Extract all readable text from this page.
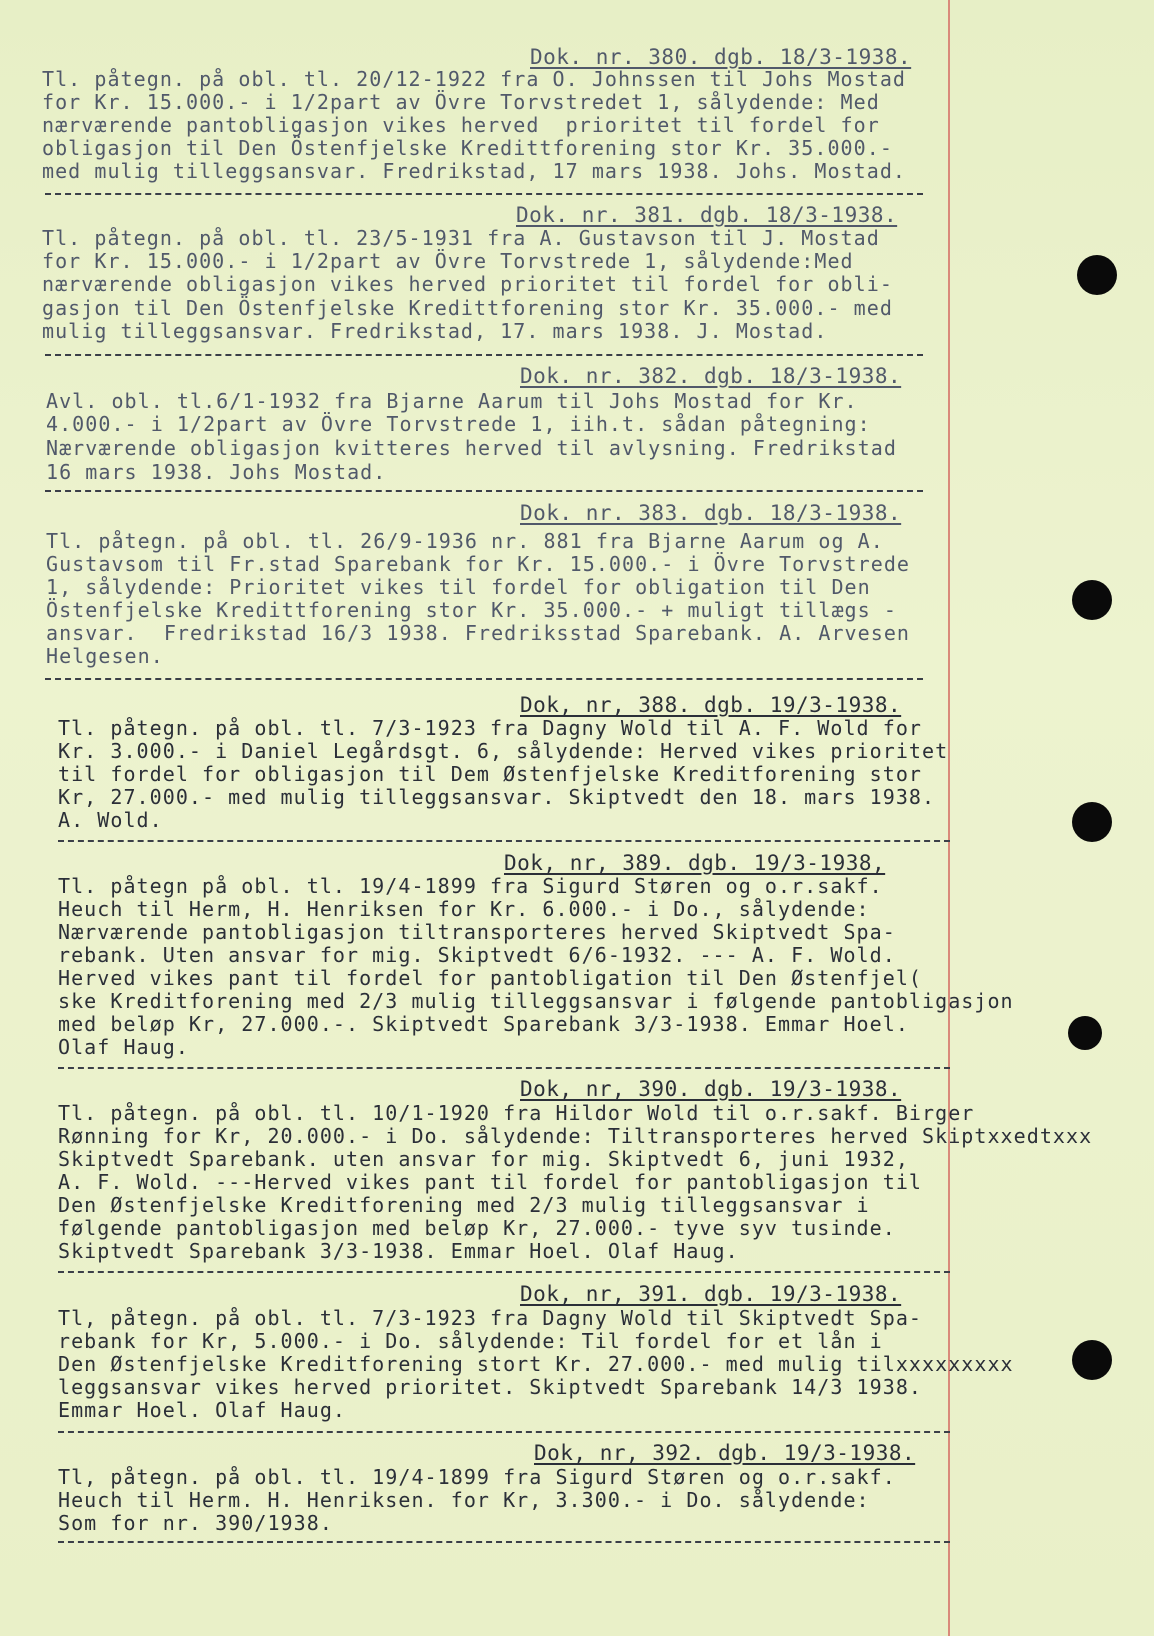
Dok. nr. 380. dgb. 18/3-1938.
Tl. påtegn. på obl. tl. 20/12-1922 fra O. Johnssen til Johs Mostad
for Kr. 15.000.- i 1/2part av Övre Torvstredet 1, sålydende: Med
nærværende pantobligasjon vikes herved  prioritet til fordel for
obligasjon til Den Östenfjelske Kredittforening stor Kr. 35.000.-
med mulig tilleggsansvar. Fredrikstad, 17 mars 1938. Johs. Mostad.
Dok. nr. 381. dgb. 18/3-1938.
Tl. påtegn. på obl. tl. 23/5-1931 fra A. Gustavson til J. Mostad
for Kr. 15.000.- i 1/2part av Övre Torvstrede 1, sålydende:Med
nærværende obligasjon vikes herved prioritet til fordel for obli-
gasjon til Den Östenfjelske Kredittforening stor Kr. 35.000.- med
mulig tilleggsansvar. Fredrikstad, 17. mars 1938. J. Mostad.
Dok. nr. 382. dgb. 18/3-1938.
Avl. obl. tl.6/1-1932 fra Bjarne Aarum til Johs Mostad for Kr.
4.000.- i 1/2part av Övre Torvstrede 1, iih.t. sådan påtegning:
Nærværende obligasjon kvitteres herved til avlysning. Fredrikstad
16 mars 1938. Johs Mostad.
Dok. nr. 383. dgb. 18/3-1938.
Tl. påtegn. på obl. tl. 26/9-1936 nr. 881 fra Bjarne Aarum og A.
Gustavsom til Fr.stad Sparebank for Kr. 15.000.- i Övre Torvstrede
1, sålydende: Prioritet vikes til fordel for obligation til Den
Östenfjelske Kredittforening stor Kr. 35.000.- + muligt tillægs -
ansvar.  Fredrikstad 16/3 1938. Fredriksstad Sparebank. A. Arvesen
Helgesen.
Dok, nr, 388. dgb. 19/3-1938.
Tl. påtegn. på obl. tl. 7/3-1923 fra Dagny Wold til A. F. Wold for
Kr. 3.000.- i Daniel Legårdsgt. 6, sålydende: Herved vikes prioritet
til fordel for obligasjon til Dem Østenfjelske Kreditforening stor
Kr, 27.000.- med mulig tilleggsansvar. Skiptvedt den 18. mars 1938.
A. Wold.
Dok, nr, 389. dgb. 19/3-1938,
Tl. påtegn på obl. tl. 19/4-1899 fra Sigurd Støren og o.r.sakf.
Heuch til Herm, H. Henriksen for Kr. 6.000.- i Do., sålydende:
Nærværende pantobligasjon tiltransporteres herved Skiptvedt Spa-
rebank. Uten ansvar for mig. Skiptvedt 6/6-1932. --- A. F. Wold.
Herved vikes pant til fordel for pantobligation til Den Østenfjel(
ske Kreditforening med 2/3 mulig tilleggsansvar i følgende pantobligasjon
med beløp Kr, 27.000.-. Skiptvedt Sparebank 3/3-1938. Emmar Hoel.
Olaf Haug.
Dok, nr, 390. dgb. 19/3-1938.
Tl. påtegn. på obl. tl. 10/1-1920 fra Hildor Wold til o.r.sakf. Birger
Rønning for Kr, 20.000.- i Do. sålydende: Tiltransporteres herved Skiptxxedtxxx
Skiptvedt Sparebank. uten ansvar for mig. Skiptvedt 6, juni 1932,
A. F. Wold. ---Herved vikes pant til fordel for pantobligasjon til
Den Østenfjelske Kreditforening med 2/3 mulig tilleggsansvar i
følgende pantobligasjon med beløp Kr, 27.000.- tyve syv tusinde.
Skiptvedt Sparebank 3/3-1938. Emmar Hoel. Olaf Haug.
Dok, nr, 391. dgb. 19/3-1938.
Tl, påtegn. på obl. tl. 7/3-1923 fra Dagny Wold til Skiptvedt Spa-
rebank for Kr, 5.000.- i Do. sålydende: Til fordel for et lån i
Den Østenfjelske Kreditforening stort Kr. 27.000.- med mulig tilxxxxxxxxx
leggsansvar vikes herved prioritet. Skiptvedt Sparebank 14/3 1938.
Emmar Hoel. Olaf Haug.
Dok, nr, 392. dgb. 19/3-1938.
Tl, påtegn. på obl. tl. 19/4-1899 fra Sigurd Støren og o.r.sakf.
Heuch til Herm. H. Henriksen. for Kr, 3.300.- i Do. sålydende:
Som for nr. 390/1938.
